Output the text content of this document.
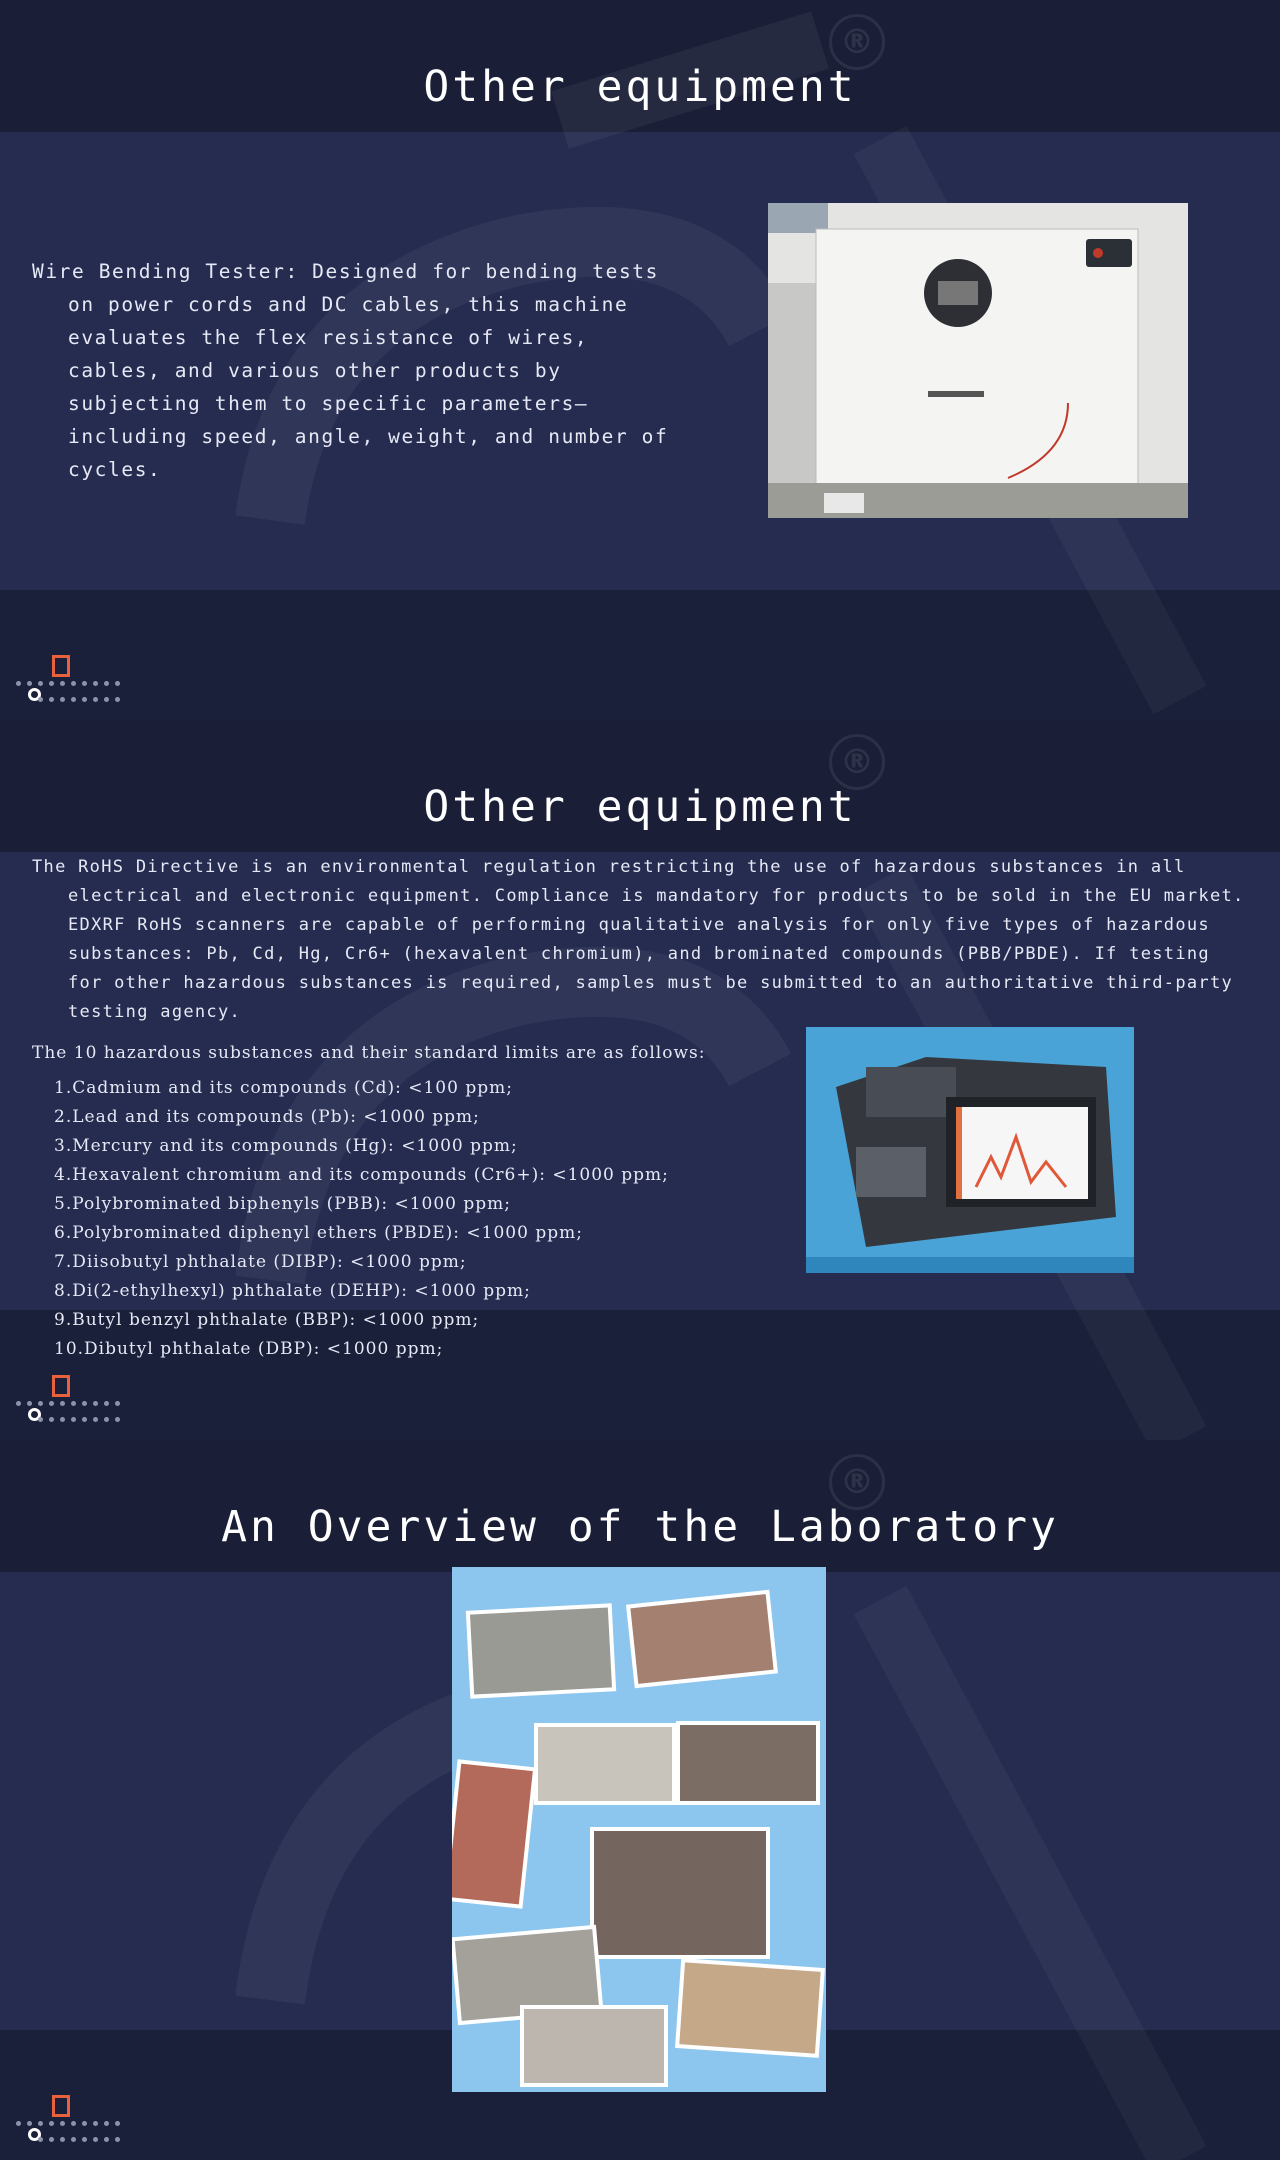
®
Other equipment

Wire Bending Tester: Designed for bending tests on power cords and DC cables, this machine evaluates the flex resistance of wires, cables, and various other products by subjecting them to specific parameters—including speed, angle, weight, and number of cycles.

®
Other equipment

The RoHS Directive is an environmental regulation restricting the use of hazardous substances in all electrical and electronic equipment. Compliance is mandatory for products to be sold in the EU market. EDXRF RoHS scanners are capable of performing qualitative analysis for only five types of hazardous substances: Pb, Cd, Hg, Cr6+ (hexavalent chromium), and brominated compounds (PBB/PBDE). If testing for other hazardous substances is required, samples must be submitted to an authoritative third-party testing agency.

The 10 hazardous substances and their standard limits are as follows:

1.Cadmium and its compounds (Cd): <100 ppm;
2.Lead and its compounds (Pb): <1000 ppm;
3.Mercury and its compounds (Hg): <1000 ppm;
4.Hexavalent chromium and its compounds (Cr6+): <1000 ppm;
5.Polybrominated biphenyls (PBB): <1000 ppm;
6.Polybrominated diphenyl ethers (PBDE): <1000 ppm;
7.Diisobutyl phthalate (DIBP): <1000 ppm;
8.Di(2-ethylhexyl) phthalate (DEHP): <1000 ppm;
9.Butyl benzyl phthalate (BBP): <1000 ppm;
10.Dibutyl phthalate (DBP): <1000 ppm;
®
An Overview of the Laboratory
